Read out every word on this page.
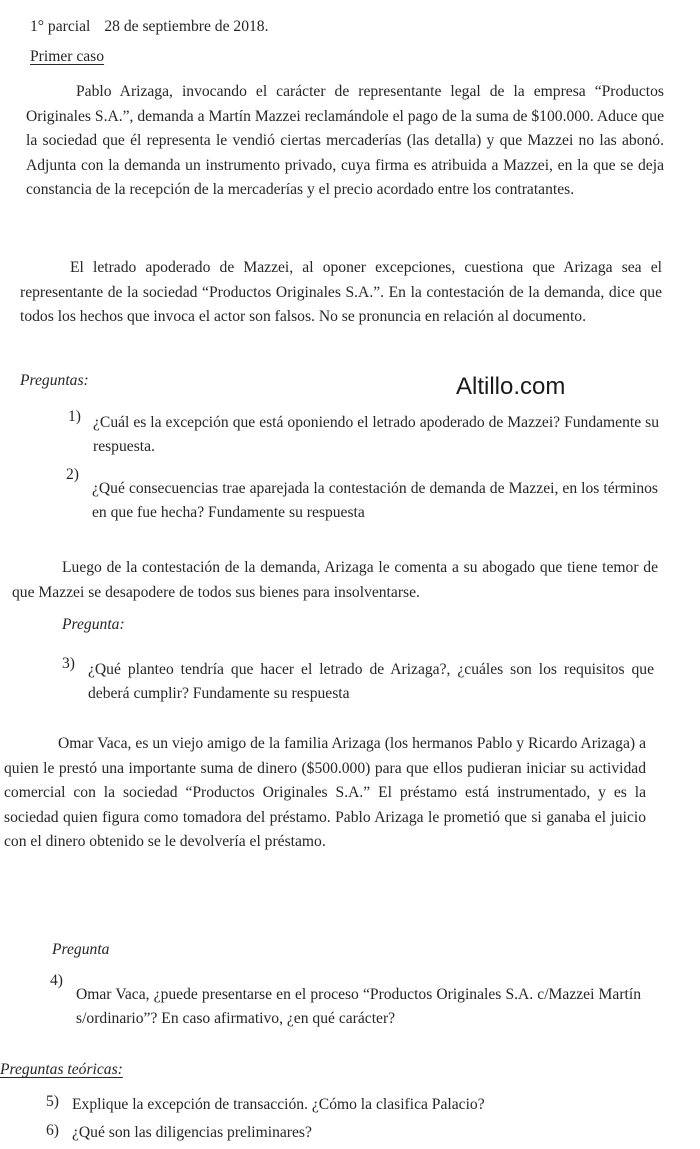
1° parcial 28 de septiembre de 2018.
Primer caso
Pablo Arizaga, invocando el carácter de representante legal de la empresa “Productos Originales S.A.”, demanda a Martín Mazzei reclamándole el pago de la suma de $100.000. Aduce que la sociedad que él representa le vendió ciertas mercaderías (las detalla) y que Mazzei no las abonó. Adjunta con la demanda un instrumento privado, cuya firma es atribuida a Mazzei, en la que se deja constancia de la recepción de la mercaderías y el precio acordado entre los contratantes.
El letrado apoderado de Mazzei, al oponer excepciones, cuestiona que Arizaga sea el representante de la sociedad “Productos Originales S.A.”. En la contestación de la demanda, dice que todos los hechos que invoca el actor son falsos. No se pronuncia en relación al documento.
Preguntas:	Altillo.com
1) ¿Cuál es la excepción que está oponiendo el letrado apoderado de Mazzei? Fundamente su respuesta.
2)
¿Qué consecuencias trae aparejada la contestación de demanda de Mazzei, en los términos en que fue hecha? Fundamente su respuesta
Luego de la contestación de la demanda, Arizaga le comenta a su abogado que tiene temor de que Mazzei se desapodere de todos sus bienes para insolventarse.
Pregunta:
3) ¿Qué planteo tendría que hacer el letrado de Arizaga?, ¿cuáles son los requisitos que deberá cumplir? Fundamente su respuesta
Omar Vaca, es un viejo amigo de la familia Arizaga (los hermanos Pablo y Ricardo Arizaga) a quien le prestó una importante suma de dinero ($500.000) para que ellos pudieran iniciar su actividad comercial con la sociedad “Productos Originales S.A.” El préstamo está instrumentado, y es la sociedad quien figura como tomadora del préstamo. Pablo Arizaga le prometió que si ganaba el juicio con el dinero obtenido se le devolvería el préstamo.
Pregunta
4)
Omar Vaca, ¿puede presentarse en el proceso “Productos Originales S.A. c/Mazzei Martín s/ordinario”? En caso afirmativo, ¿en qué carácter?
Preguntas teóricas:
5) Explique la excepción de transacción. ¿Cómo la clasifica Palacio?
6) ¿Qué son las diligencias preliminares?
